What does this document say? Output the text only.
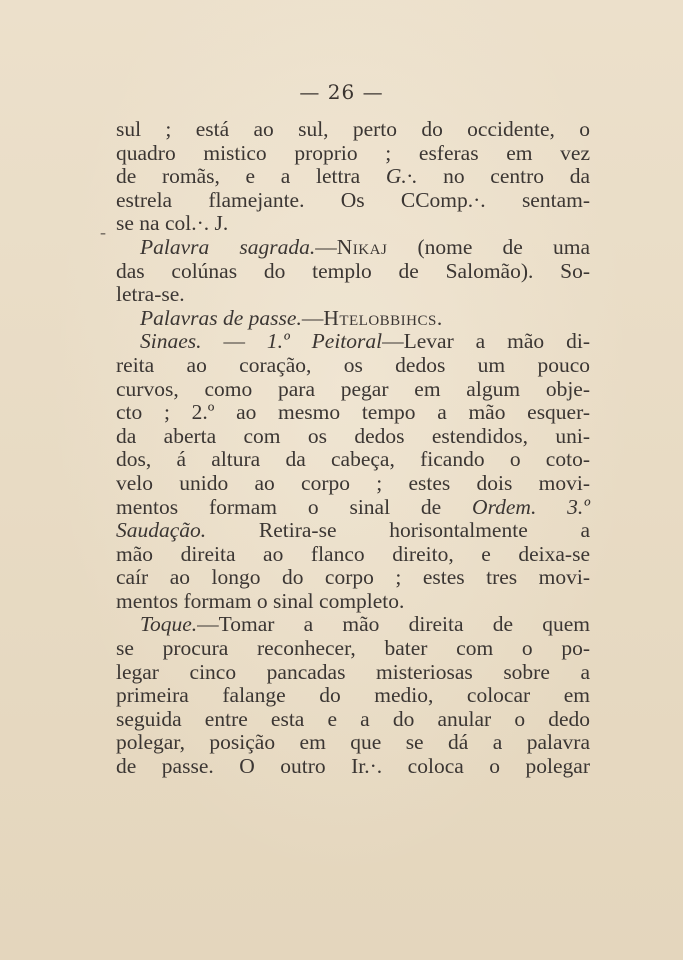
— 26 —
-
sul ; está ao sul, perto do occidente, o
quadro mistico proprio ; esferas em vez
de romãs, e a lettra G.·. no centro da
estrela flamejante. Os CComp.·. sentam-
se na col.·. J.
Palavra sagrada.—Nikaj (nome de uma
das colúnas do templo de Salomão). So-
letra-se.
Palavras de passe.—Htelobbihcs.
Sinaes. — 1.º Peitoral—Levar a mão di-
reita ao coração, os dedos um pouco
curvos, como para pegar em algum obje-
cto ; 2.º ao mesmo tempo a mão esquer-
da aberta com os dedos estendidos, uni-
dos, á altura da cabeça, ficando o coto-
velo unido ao corpo ; estes dois movi-
mentos formam o sinal de Ordem. 3.º
Saudação. Retira-se horisontalmente a
mão direita ao flanco direito, e deixa-se
caír ao longo do corpo ; estes tres movi-
mentos formam o sinal completo.
Toque.—Tomar a mão direita de quem
se procura reconhecer, bater com o po-
legar cinco pancadas misteriosas sobre a
primeira falange do medio, colocar em
seguida entre esta e a do anular o dedo
polegar, posição em que se dá a palavra
de passe. O outro Ir.·. coloca o polegar
